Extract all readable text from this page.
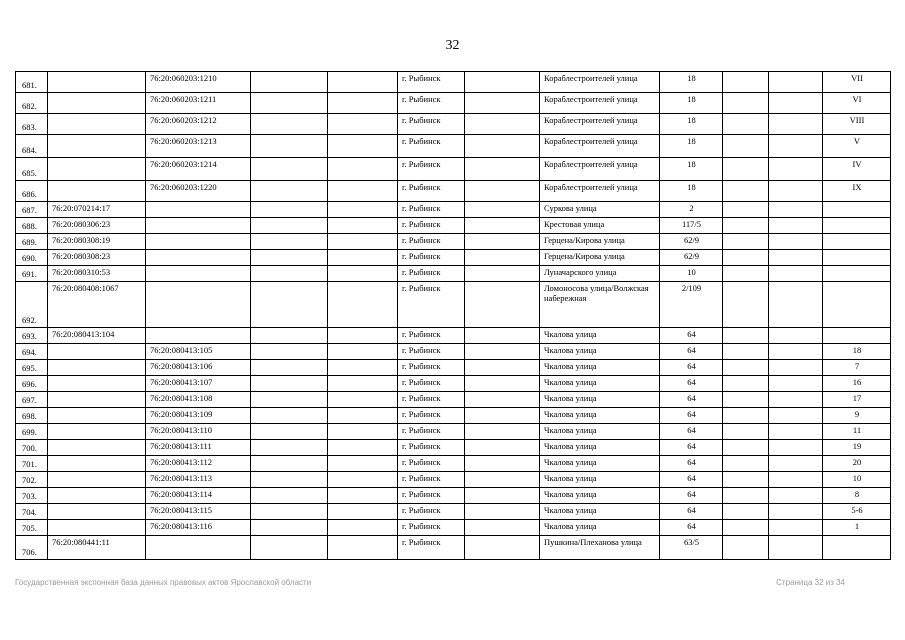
32
681.		76:20:060203:1210			г. Рыбинск		Кораблестроителей улица	18			VII
682.		76:20:060203:1211			г. Рыбинск		Кораблестроителей улица	18			VI
683.		76:20:060203:1212			г. Рыбинск		Кораблестроителей улица	18			VIII
684.		76:20:060203:1213			г. Рыбинск		Кораблестроителей улица	18			V
685.		76:20:060203:1214			г. Рыбинск		Кораблестроителей улица	18			IV
686.		76:20:060203:1220			г. Рыбинск		Кораблестроителей улица	18			IX
687.	76:20:070214:17				г. Рыбинск		Суркова улица	2			
688.	76:20:080306:23				г. Рыбинск		Крестовая улица	117/5			
689.	76:20:080308:19				г. Рыбинск		Герцена/Кирова улица	62/9			
690.	76:20:080308:23				г. Рыбинск		Герцена/Кирова улица	62/9			
691.	76:20:080310:53				г. Рыбинск		Луначарского улица	10			
692.	76:20:080408:1067				г. Рыбинск		Ломоносова улица/Волжская набережная	2/109			
693.	76:20:080413:104				г. Рыбинск		Чкалова улица	64			
694.		76:20:080413:105			г. Рыбинск		Чкалова улица	64			18
695.		76:20:080413:106			г. Рыбинск		Чкалова улица	64			7
696.		76:20:080413:107			г. Рыбинск		Чкалова улица	64			16
697.		76:20:080413:108			г. Рыбинск		Чкалова улица	64			17
698.		76:20:080413:109			г. Рыбинск		Чкалова улица	64			9
699.		76:20:080413:110			г. Рыбинск		Чкалова улица	64			11
700.		76:20:080413:111			г. Рыбинск		Чкалова улица	64			19
701.		76:20:080413:112			г. Рыбинск		Чкалова улица	64			20
702.		76:20:080413:113			г. Рыбинск		Чкалова улица	64			10
703.		76:20:080413:114			г. Рыбинск		Чкалова улица	64			8
704.		76:20:080413:115			г. Рыбинск		Чкалова улица	64			5-6
705.		76:20:080413:116			г. Рыбинск		Чкалова улица	64			1
706.	76:20:080441:11				г. Рыбинск		Пушкина/Плеханова улица	63/5			
Государственная экспонная база данных правовых актов Ярославской области	Страница 32 из 34
